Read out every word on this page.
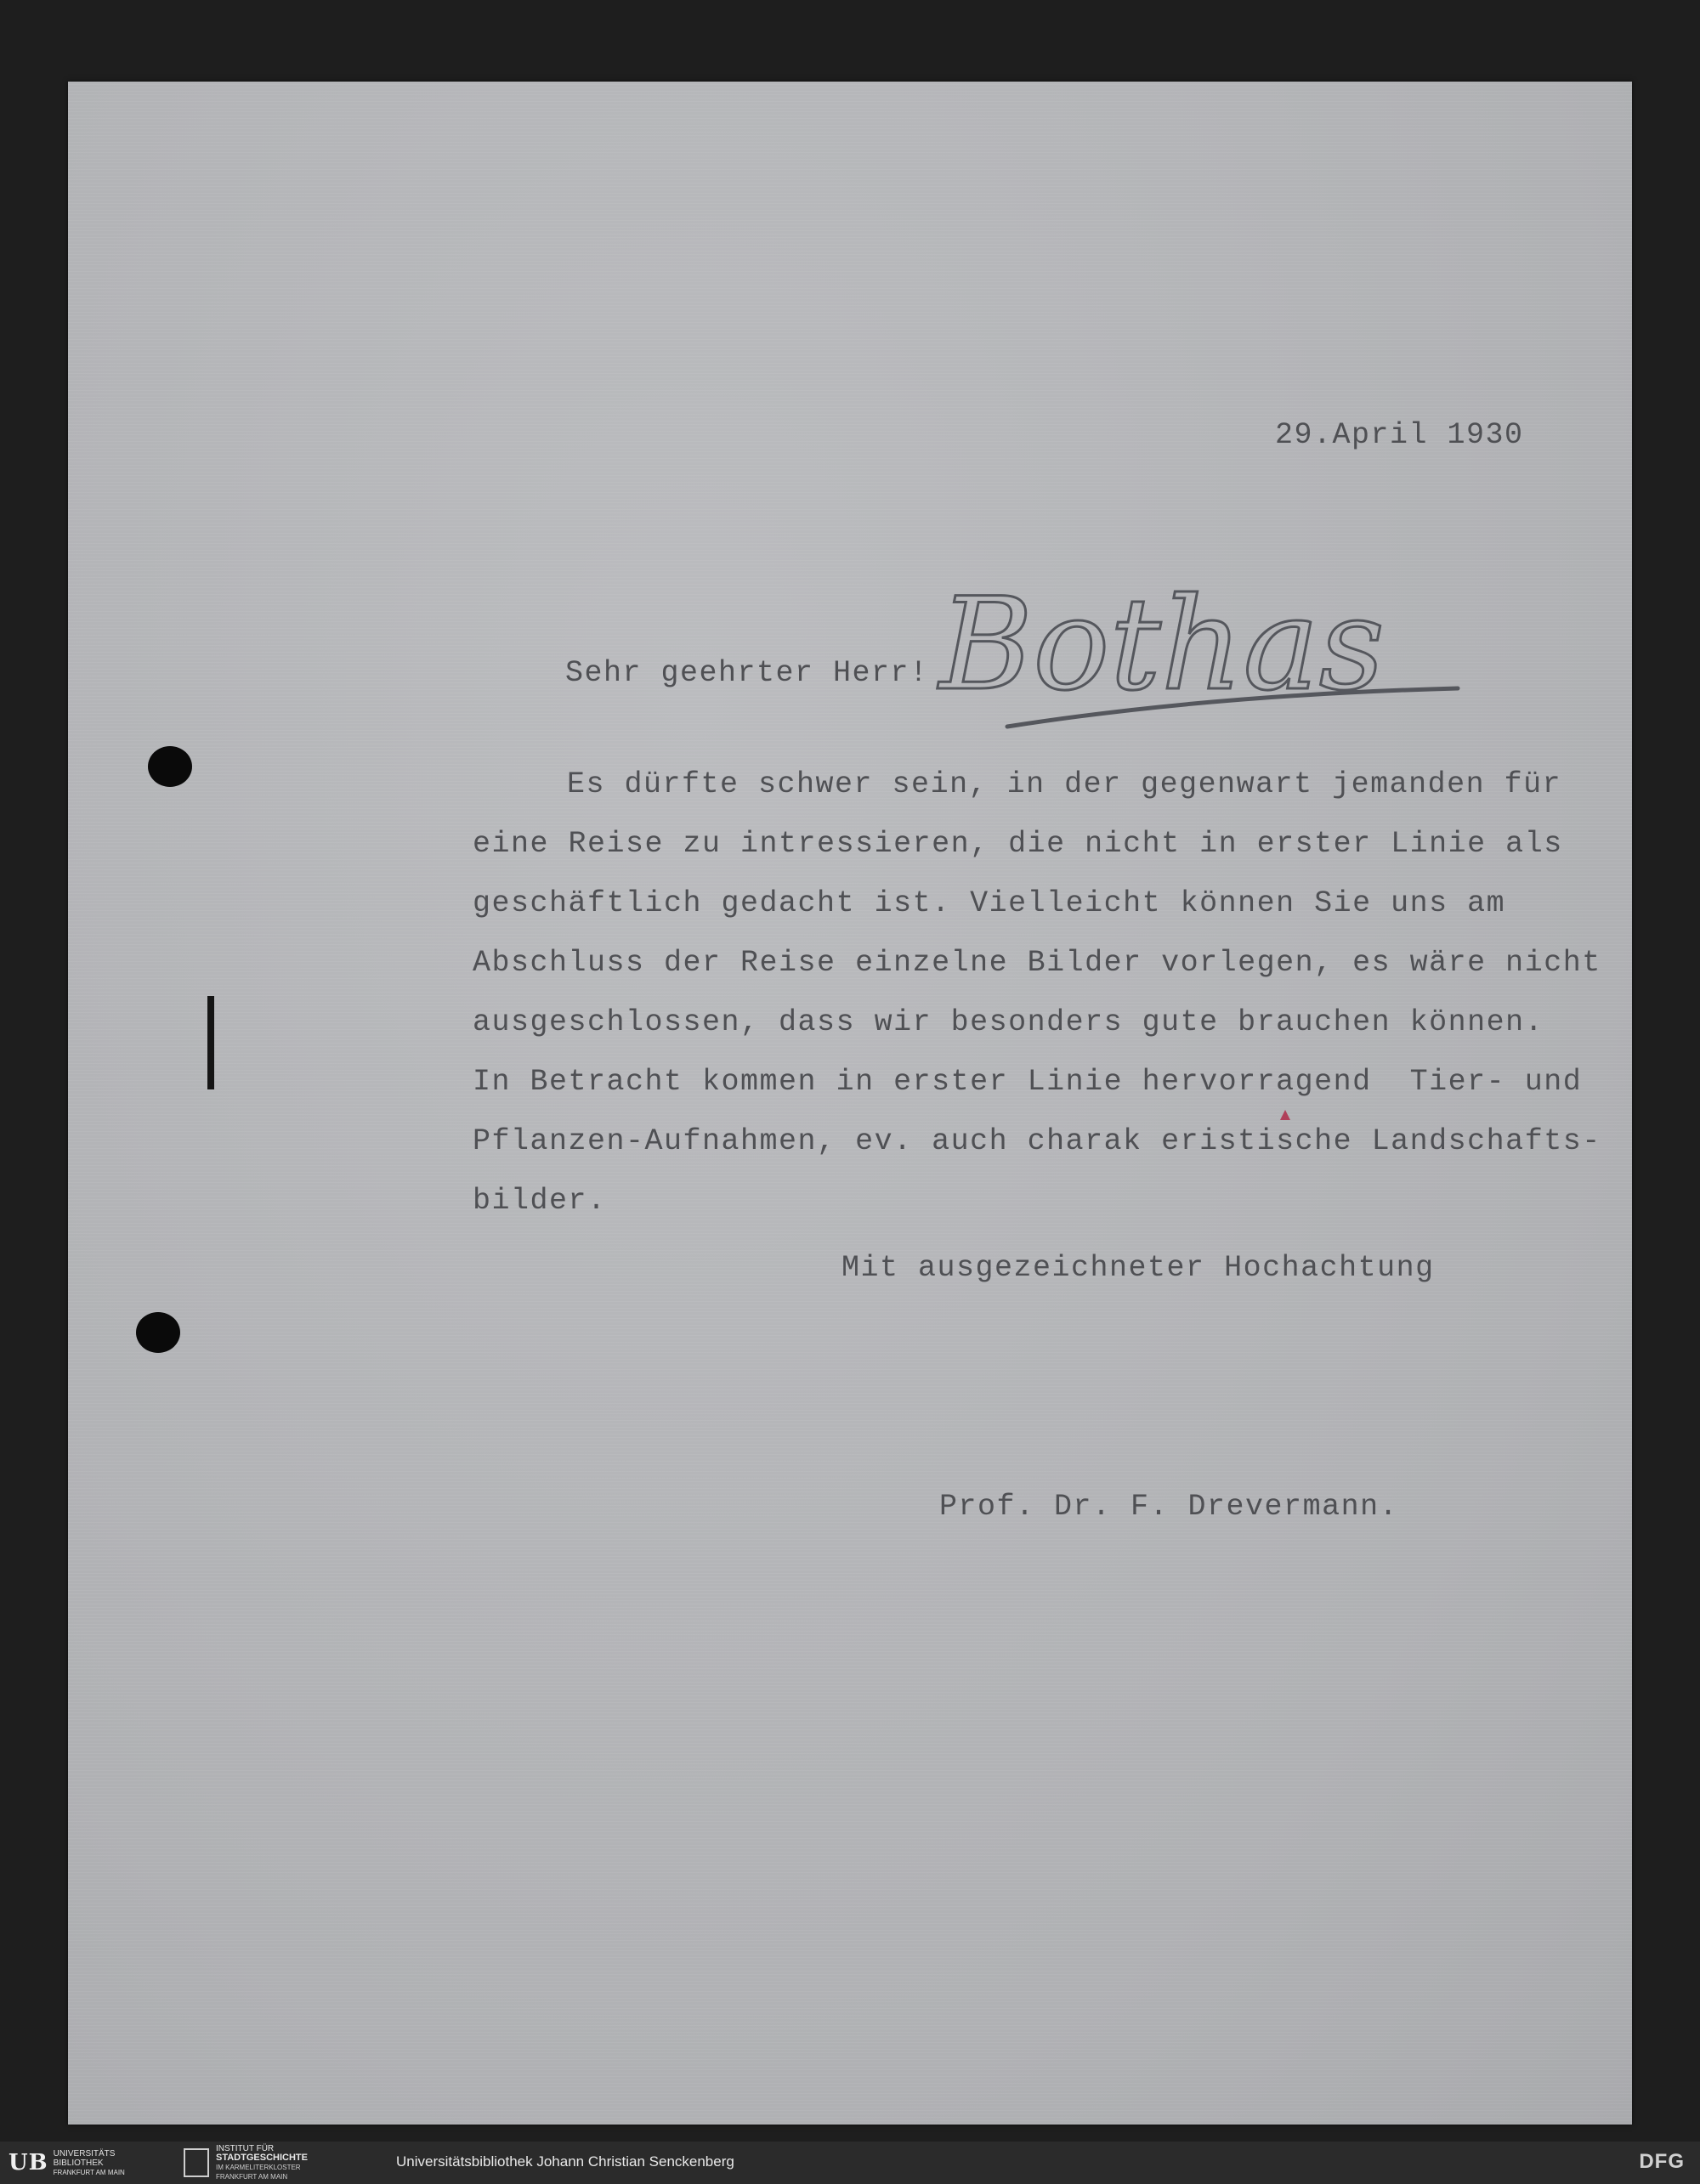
29.April 1930
Sehr geehrter Herr! Bothas
Es dürfte schwer sein, in der gegenwart jemanden für
eine Reise zu intressieren, die nicht in erster Linie als
geschäftlich gedacht ist. Vielleicht können Sie uns am
Abschluss der Reise einzelne Bilder vorlegen, es wäre nicht
ausgeschlossen, dass wir besonders gute brauchen können.
In Betracht kommen in erster Linie hervorragend  Tier- und
Pflanzen-Aufnahmen, ev. auch charak eristische Landschafts-
bilder.
Mit ausgezeichneter Hochachtung
Prof. Dr. F. Drevermann.
UB UNIVERSITÄTS
BIBLIOTHEK
FRANKFURT AM MAIN
INSTITUT FÜR
STADTGESCHICHTE
IM KARMELITERKLOSTER
FRANKFURT AM MAIN
Universitätsbibliothek Johann Christian Senckenberg	DFG
